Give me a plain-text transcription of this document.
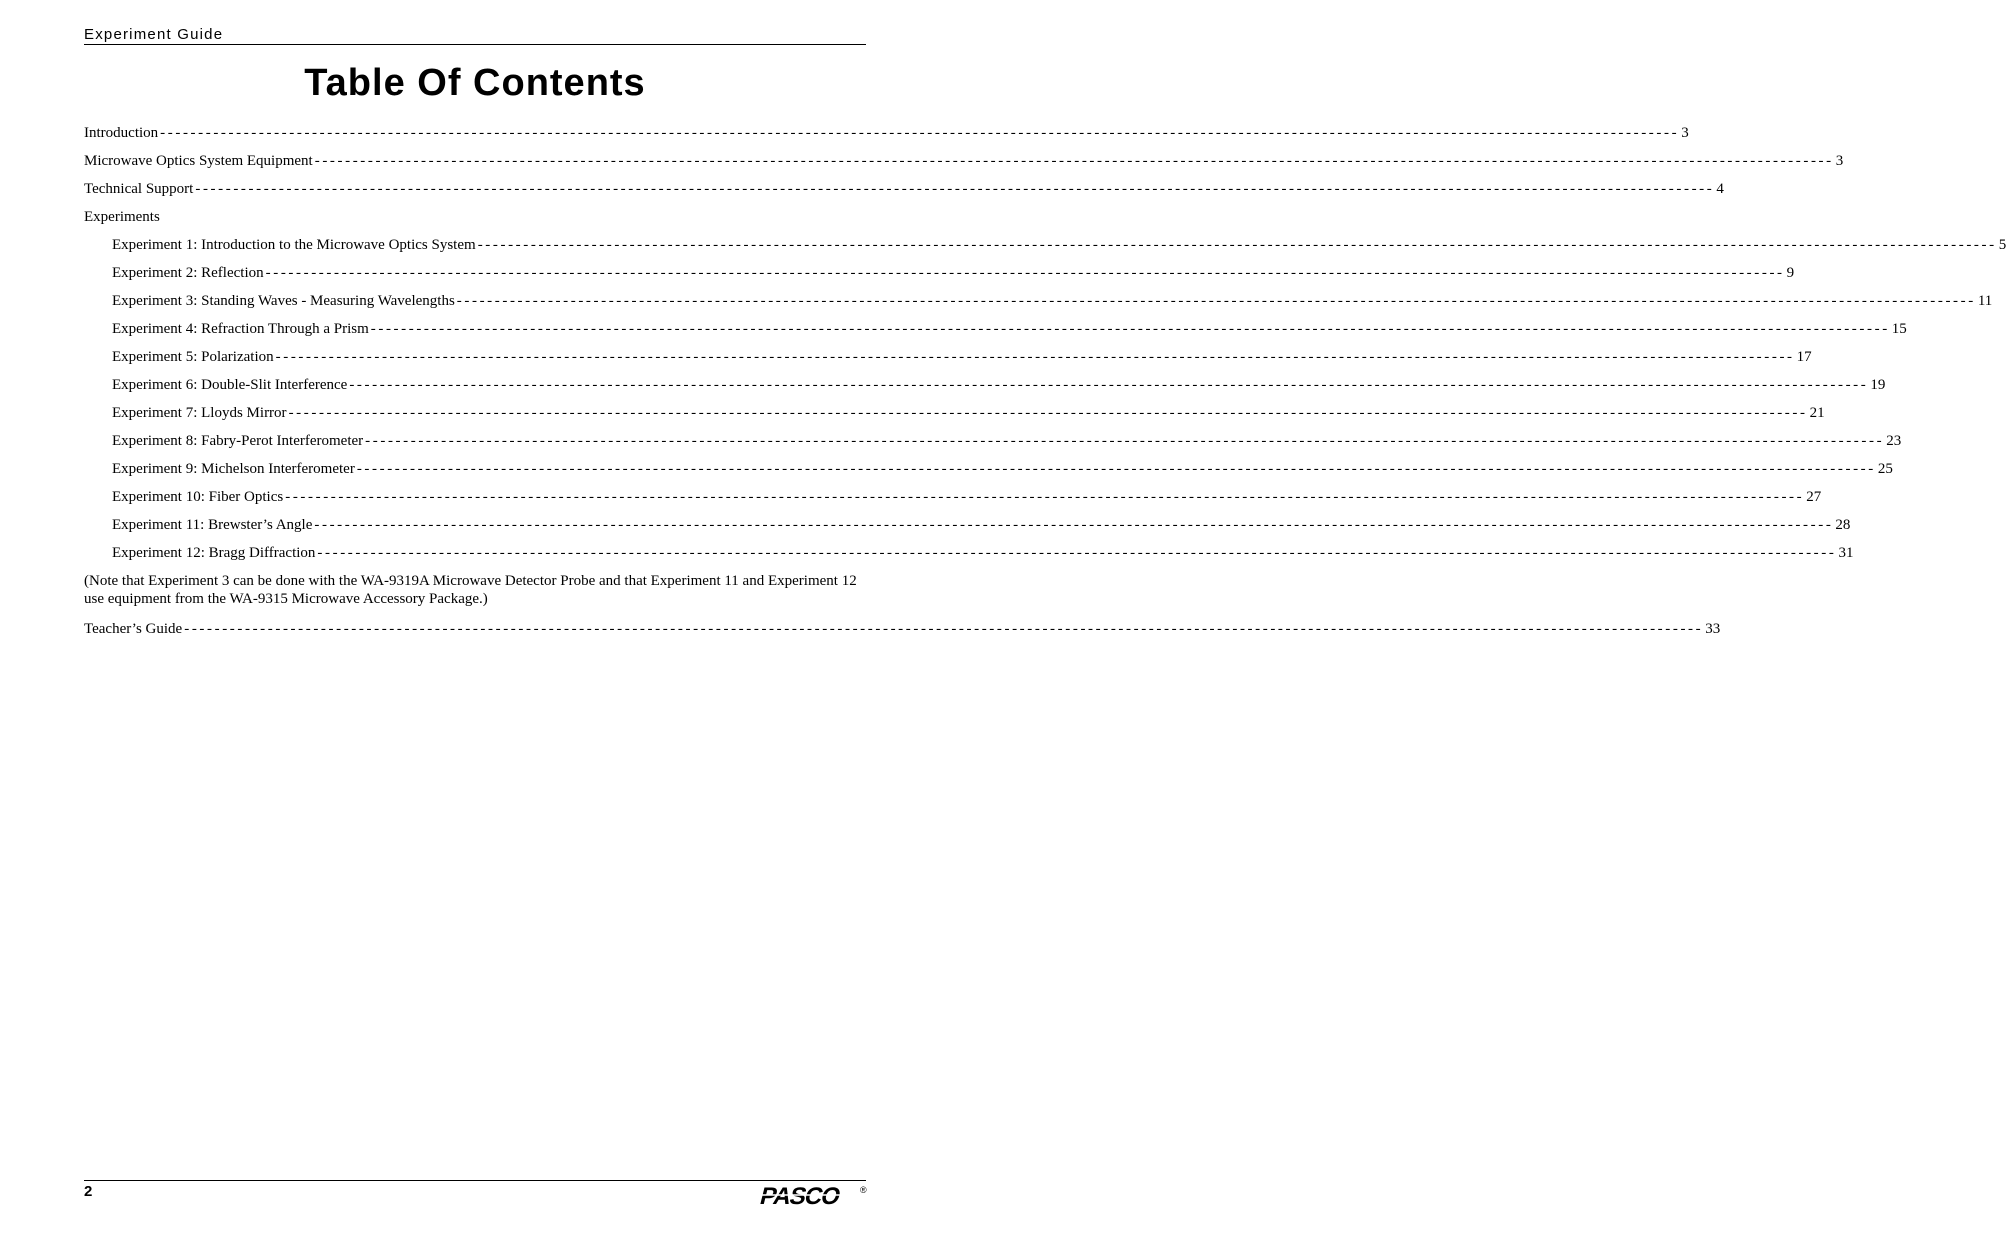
Experiment Guide
Table Of Contents
Introduction -------------------------------------------------------------------------------------------------------------------------------------------------------------------------------------------------------- 3
Microwave Optics System Equipment -------------------------------------------------------------------------------------------------------------------------------------------------------------------------------------------------------- 3
Technical Support -------------------------------------------------------------------------------------------------------------------------------------------------------------------------------------------------------- 4
Experiments
Experiment 1: Introduction to the Microwave Optics System -------------------------------------------------------------------------------------------------------------------------------------------------------------------------------------------------------- 5
Experiment 2: Reflection -------------------------------------------------------------------------------------------------------------------------------------------------------------------------------------------------------- 9
Experiment 3: Standing Waves - Measuring Wavelengths -------------------------------------------------------------------------------------------------------------------------------------------------------------------------------------------------------- 11
Experiment 4: Refraction Through a Prism -------------------------------------------------------------------------------------------------------------------------------------------------------------------------------------------------------- 15
Experiment 5: Polarization -------------------------------------------------------------------------------------------------------------------------------------------------------------------------------------------------------- 17
Experiment 6: Double-Slit Interference -------------------------------------------------------------------------------------------------------------------------------------------------------------------------------------------------------- 19
Experiment 7: Lloyds Mirror -------------------------------------------------------------------------------------------------------------------------------------------------------------------------------------------------------- 21
Experiment 8: Fabry-Perot Interferometer -------------------------------------------------------------------------------------------------------------------------------------------------------------------------------------------------------- 23
Experiment 9: Michelson Interferometer -------------------------------------------------------------------------------------------------------------------------------------------------------------------------------------------------------- 25
Experiment 10: Fiber Optics -------------------------------------------------------------------------------------------------------------------------------------------------------------------------------------------------------- 27
Experiment 11: Brewster’s Angle -------------------------------------------------------------------------------------------------------------------------------------------------------------------------------------------------------- 28
Experiment 12: Bragg Diffraction -------------------------------------------------------------------------------------------------------------------------------------------------------------------------------------------------------- 31
(Note that Experiment 3 can be done with the WA-9319A Microwave Detector Probe and that Experiment 11 and Experiment 12 use equipment from the WA-9315 Microwave Accessory Package.)
Teacher’s Guide -------------------------------------------------------------------------------------------------------------------------------------------------------------------------------------------------------- 33
2	PASCO ®
